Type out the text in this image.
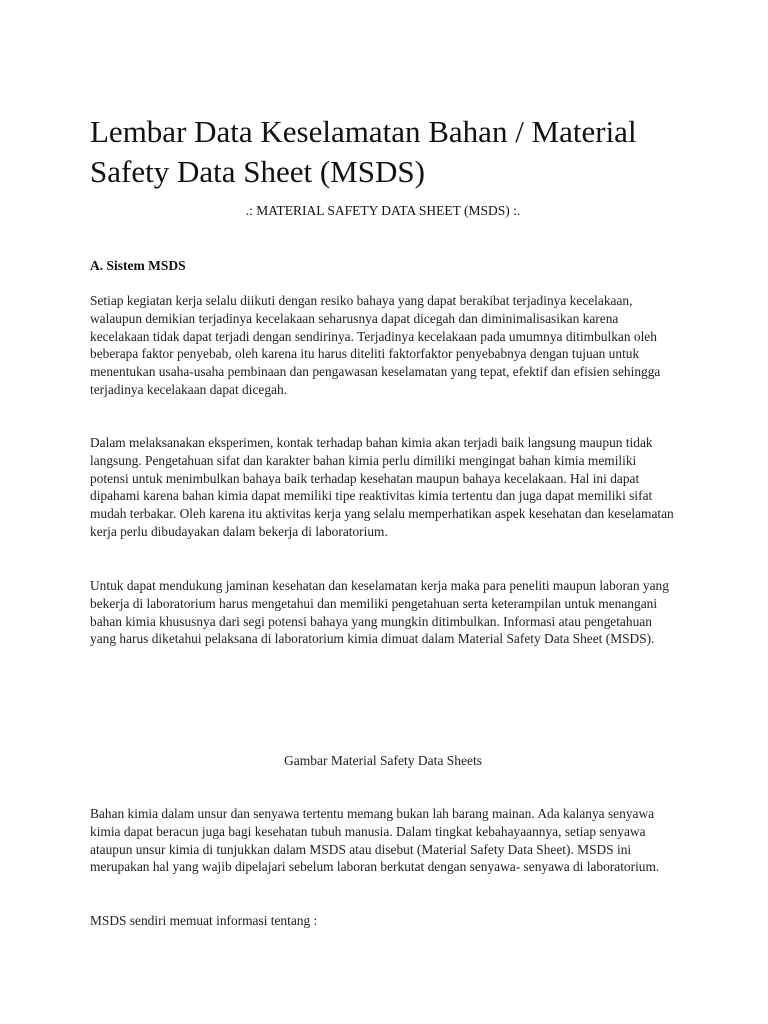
Lembar Data Keselamatan Bahan / Material Safety Data Sheet (MSDS)

.: MATERIAL SAFETY DATA SHEET (MSDS) :.

A. Sistem MSDS

Setiap kegiatan kerja selalu diikuti dengan resiko bahaya yang dapat berakibat terjadinya kecelakaan, walaupun demikian terjadinya kecelakaan seharusnya dapat dicegah dan diminimalisasikan karena kecelakaan tidak dapat terjadi dengan sendirinya. Terjadinya kecelakaan pada umumnya ditimbulkan oleh beberapa faktor penyebab, oleh karena itu harus diteliti faktorfaktor penyebabnya dengan tujuan untuk menentukan usaha-usaha pembinaan dan pengawasan keselamatan yang tepat, efektif dan efisien sehingga terjadinya kecelakaan dapat dicegah.

Dalam melaksanakan eksperimen, kontak terhadap bahan kimia akan terjadi baik langsung maupun tidak langsung. Pengetahuan sifat dan karakter bahan kimia perlu dimiliki mengingat bahan kimia memiliki potensi untuk menimbulkan bahaya baik terhadap kesehatan maupun bahaya kecelakaan. Hal ini dapat dipahami karena bahan kimia dapat memiliki tipe reaktivitas kimia tertentu dan juga dapat memiliki sifat mudah terbakar. Oleh karena itu aktivitas kerja yang selalu memperhatikan aspek kesehatan dan keselamatan kerja perlu dibudayakan dalam bekerja di laboratorium.

Untuk dapat mendukung jaminan kesehatan dan keselamatan kerja maka para peneliti maupun laboran yang bekerja di laboratorium harus mengetahui dan memiliki pengetahuan serta keterampilan untuk menangani bahan kimia khususnya dari segi potensi bahaya yang mungkin ditimbulkan. Informasi atau pengetahuan yang harus diketahui pelaksana di laboratorium kimia dimuat dalam Material Safety Data Sheet (MSDS).

Gambar Material Safety Data Sheets

Bahan kimia dalam unsur dan senyawa tertentu memang bukan lah barang mainan. Ada kalanya senyawa kimia dapat beracun juga bagi kesehatan tubuh manusia. Dalam tingkat kebahayaannya, setiap senyawa ataupun unsur kimia di tunjukkan dalam MSDS atau disebut (Material Safety Data Sheet). MSDS ini merupakan hal yang wajib dipelajari sebelum laboran berkutat dengan senyawa- senyawa di laboratorium.

MSDS sendiri memuat informasi tentang :
